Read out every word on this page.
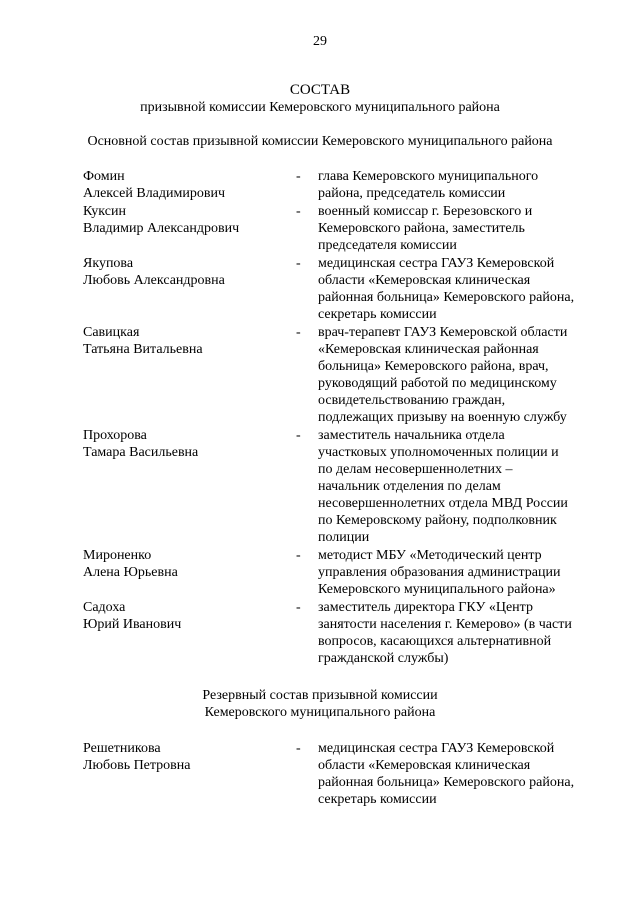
29
СОСТАВ
призывной комиссии Кемеровского муниципального района
Основной состав призывной комиссии Кемеровского муниципального района
Фомин
Алексей Владимирович
- глава Кемеровского муниципального
района, председатель комиссии
Куксин
Владимир Александрович
- военный комиссар г. Березовского и
Кемеровского района, заместитель
председателя комиссии
Якупова
Любовь Александровна
- медицинская сестра ГАУЗ Кемеровской
области «Кемеровская клиническая
районная больница» Кемеровского района,
секретарь комиссии
Савицкая
Татьяна Витальевна
- врач-терапевт ГАУЗ Кемеровской области
«Кемеровская клиническая районная
больница» Кемеровского района, врач,
руководящий работой по медицинскому
освидетельствованию граждан,
подлежащих призыву на военную службу
Прохорова
Тамара Васильевна
- заместитель начальника отдела
участковых уполномоченных полиции и
по делам несовершеннолетних –
начальник отделения по делам
несовершеннолетних отдела МВД России
по Кемеровскому району, подполковник
полиции
Мироненко
Алена Юрьевна
- методист МБУ «Методический центр
управления образования администрации
Кемеровского муниципального района»
Садоха
Юрий Иванович
- заместитель директора ГКУ «Центр
занятости населения г. Кемерово» (в части
вопросов, касающихся альтернативной
гражданской службы)
Резервный состав призывной комиссии
Кемеровского муниципального района
Решетникова
Любовь Петровна
- медицинская сестра ГАУЗ Кемеровской
области «Кемеровская клиническая
районная больница» Кемеровского района,
секретарь комиссии
